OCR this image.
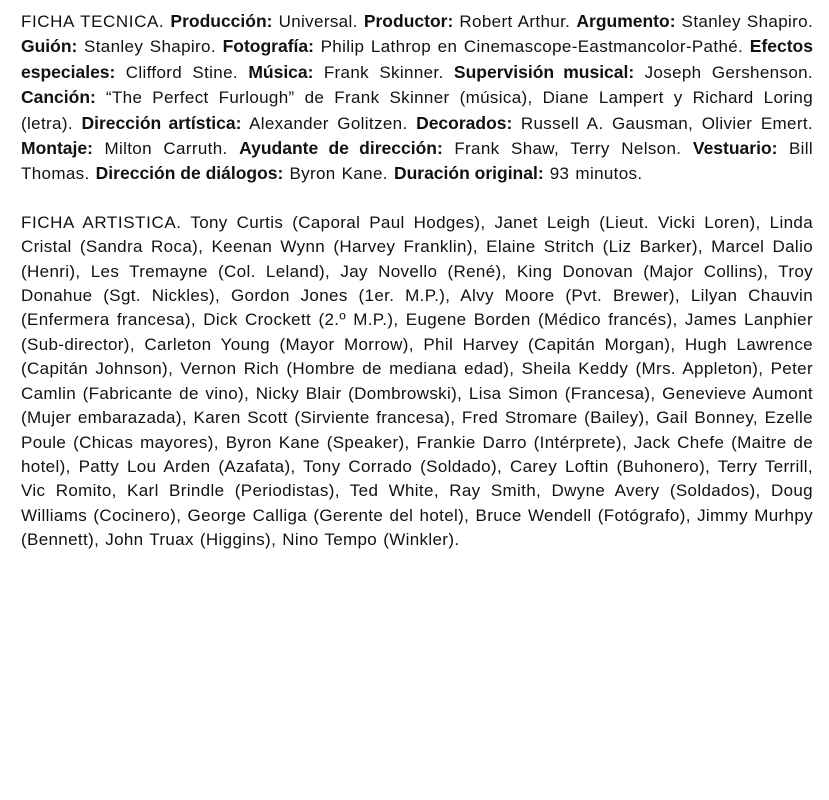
FICHA TECNICA. Producción: Universal. Productor: Robert Arthur. Argumento: Stanley Shapiro. Guión: Stanley Shapiro. Fotografía: Philip Lathrop en Cinemascope-Eastmancolor-Pathé. Efectos especiales: Clifford Stine. Música: Frank Skinner. Supervisión musical: Joseph Gershenson. Canción: “The Perfect Furlough” de Frank Skinner (música), Diane Lampert y Richard Loring (letra). Dirección artística: Alexander Golitzen. Decorados: Russell A. Gausman, Olivier Emert. Montaje: Milton Carruth. Ayudante de dirección: Frank Shaw, Terry Nelson. Vestuario: Bill Thomas. Dirección de diálogos: Byron Kane. Duración original: 93 minutos.

FICHA ARTISTICA. Tony Curtis (Caporal Paul Hodges), Janet Leigh (Lieut. Vicki Loren), Linda Cristal (Sandra Roca), Keenan Wynn (Harvey Franklin), Elaine Stritch (Liz Barker), Marcel Dalio (Henri), Les Tremayne (Col. Leland), Jay Novello (René), King Donovan (Major Collins), Troy Donahue (Sgt. Nickles), Gordon Jones (1er. M.P.), Alvy Moore (Pvt. Brewer), Lilyan Chauvin (Enfermera francesa), Dick Crockett (2.º M.P.), Eugene Borden (Médico francés), James Lanphier (Sub-director), Carleton Young (Mayor Morrow), Phil Harvey (Capitán Morgan), Hugh Lawrence (Capitán Johnson), Vernon Rich (Hombre de mediana edad), Sheila Keddy (Mrs. Appleton), Peter Camlin (Fabricante de vino), Nicky Blair (Dombrowski), Lisa Simon (Francesa), Genevieve Aumont (Mujer embarazada), Karen Scott (Sirviente francesa), Fred Stromare (Bailey), Gail Bonney, Ezelle Poule (Chicas mayores), Byron Kane (Speaker), Frankie Darro (Intérprete), Jack Chefe (Maitre de hotel), Patty Lou Arden (Azafata), Tony Corrado (Soldado), Carey Loftin (Buhonero), Terry Terrill, Vic Romito, Karl Brindle (Periodistas), Ted White, Ray Smith, Dwyne Avery (Soldados), Doug Williams (Cocinero), George Calliga (Gerente del hotel), Bruce Wendell (Fotógrafo), Jimmy Murhpy (Bennett), John Truax (Higgins), Nino Tempo (Winkler).
